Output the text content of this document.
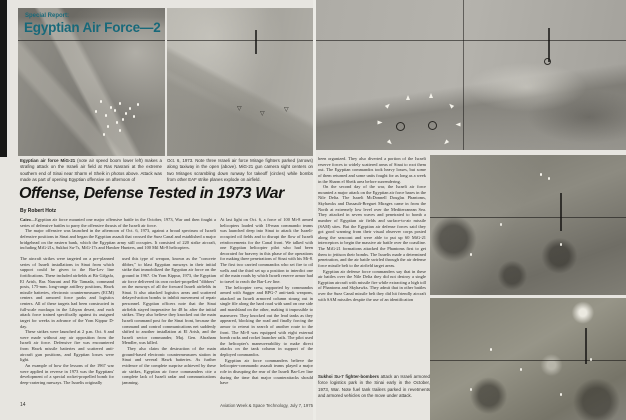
Special Report:
Egyptian Air Force—2
▽
▽
▽

Egyptian air force MiG-21 (note air speed boom lower left) makes a strafing attack on the Israeli air field at Ras Nasrani at the extreme southern end of Sinai near Sharm el Sheik in photos above. Attack was made as part of opening Egyptian offensive on afternoon of

Oct. 6, 1973. Note three Israeli air force Mirage fighters parked (arrows) along taxiway in the open (above). MiG-21 gun camera sight centers on two Mirages scrambling down runway for takeoff (circles) while bombs from other EAF strike planes explode on airfield.

Offense, Defense Tested in 1973 War
By Robert Hotz

Cairo—Egyptian air force mounted one major offensive battle in the October, 1973, War and then fought a series of defensive battles to parry the offensive thrusts of the Israeli air force.

The major offensive was launched in the afternoon of Oct. 6, 1973, against a broad spectrum of Israeli defensive positions in Sinai and began the Egyptian assault that crossed the Suez Canal and established a major bridgehead on the eastern bank, which the Egyptian army still occupies. It consisted of 220 strike aircraft, including MiG-21s, Sukhoi Su-7s, MiG-17s and Hawker Hunters, and 100 Mil Mi-8 helicopters.

The aircraft strikes were targeted on a pre-planned series of Israeli installations in Sinai from which support could be given to the Bar-Lev line fortifications. These included airfields at Bir Gifgafa, El Arish, Ras Nasrani and Bir Tamada, command posts, 175-mm. long-range artillery positions, Hawk missile batteries, electronic countermeasures (ECM) centers and armored force parks and logistics centers. All of these targets had been constructed in full-scale mockups in the Libyan desert, and each attack force trained specifically against its assigned target for weeks in advance of the Yom Kippur D-day.

These strikes were launched at 2 p.m. Oct. 6 and were made without any air opposition from the Israeli air force. Defensive fire was encountered from Hawk missile batteries and scattered anti-aircraft gun positions, and Egyptian losses were light.

An example of how the lessons of the 1967 war were applied in reverse in 1973 was the Egyptians' development of a special rocket-propelled bomb for deep-cratering runways. The Israelis originally

used this type of weapon, known as the "concrete dibber," to blast Egyptian runways in their initial strike that immobilized the Egyptian air force on the ground in 1967. On Yom Kippur, 1973, the Egyptian air force delivered its own rocket-propelled "dibbers" on the runways of all the forward Israeli airfields in Sinai. It also attacked logistics areas and scattered delayed-action bombs to inhibit movement of repair personnel. Egyptian officers note that the Sinai airfields stayed inoperative for 48 hr. after the initial strikes. They also believe they knocked out the main Israeli command post for the Sinai front, because the command and control communications net suddenly shifted to another installation at El Arish, and the Israeli sector commander, Maj. Gen. Abraham Mendler, was killed.

They also claim the destruction of the main ground-based electronic countermeasures station in Sinai and several Hawk batteries. As further evidence of the complete surprise achieved by these air strikes, Egyptian air force commanders cite a complete lack of Israeli radar and communications jamming.

At last light on Oct. 6, a force of 100 Mi-8 armed helicopters loaded with 18-man commando teams was launched deep into Sinai to attack the Israeli-occupied oil fields and to disrupt the flow of Israeli reinforcements for the Canal front. We talked with one Egyptian helicopter pilot who had been decorated for bravery in this phase of the operations for making three penetrations of Sinai with his Mi-8. The first two carried commandos who set fire to oil wells and the third set up a position to interdict one of the main roads by which Israeli reserve armor had to travel to reach the Bar-Lev line.

The helicopter crew, supported by commandos armed with Sagger and RPG-7 anti-tank weapons, attacked an Israeli armored column strung out in single file along the hard road with sand on one side and marshland on the other, making it impossible to maneuver. They knocked out the lead tanks as they appeared, blocking the road and finally forcing the armor to retreat in search of another route to the front. The Mi-8 was equipped with eight external bomb racks and rocket launcher rails. The pilot used the helicopter's maneuverability to make direct attacks on the tank column in support of the deployed commandos.

Egyptian air force commanders believe the helicopter-commando assault teams played a major role in disrupting the rear of the Israeli Bar-Lev line during the time that major counterattacks should have

14	Aviation Week & Space Technology, July 7, 1975

been organized. They also diverted a portion of the Israeli reserve forces to widely scattered areas of Sinai to root them out. The Egyptian commandos took heavy losses, but some of them returned and some units fought for as long as a week in the Sharm el Sheik area before surrendering.

On the second day of the war, the Israeli air force mounted a major attack on the Egyptian air force bases in the Nile Delta. The Israeli McDonnell Douglas Phantoms, Skyhawks and Dassault-Breguet Mirages came in from the North at extremely low level over the Mediterranean Sea. They attacked in seven waves and penetrated to bomb a number of Egyptian air fields and surface-to-air missile (SAM) sites. But the Egyptian air defense forces said they got good warning from their visual observer corps posted along the seacoast and were able to put up 60 MiG-21 interceptors to begin the massive air battle over the coastline. The MiG-21 formations attacked the Phantoms first to get them to jettison their bombs. The Israelis made a determined penetration, and the air battle swirled through the air defense force missile belt to the airfield target areas.

Egyptian air defense force commanders say that in these air battles over the Nile Delta they did not destroy a single Egyptian aircraft with missile fire while extracting a high toll of Phantoms and Skyhawks. They admit that in other battles over the Suez Canal missile belt they did hit friendly aircraft with SAM missiles despite the use of an identification

Sukhoi Su-7 fighter-bombers attack an Israeli armored force logistics park in the Sinai early in the October, 1973, War. Note fuel tank trailers parked in revetments and armored vehicles on the move under attack.
